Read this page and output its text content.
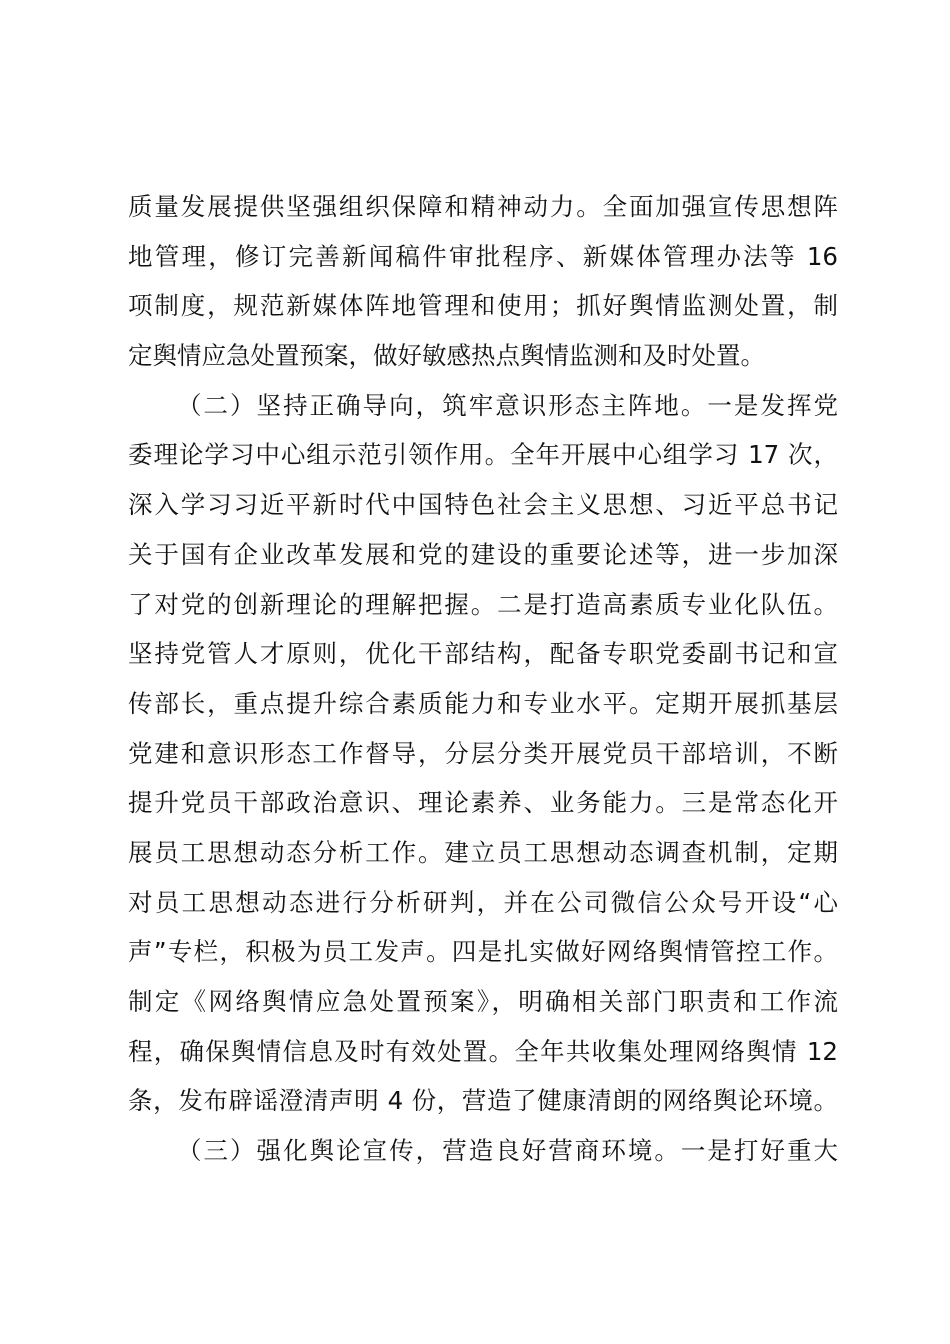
质量发展提供坚强组织保障和精神动力。全面加强宣传思想阵
地管理，修订完善新闻稿件审批程序、新媒体管理办法等 16
项制度，规范新媒体阵地管理和使用；抓好舆情监测处置，制
定舆情应急处置预案，做好敏感热点舆情监测和及时处置。
（二）坚持正确导向，筑牢意识形态主阵地。一是发挥党
委理论学习中心组示范引领作用。全年开展中心组学习 17 次，
深入学习习近平新时代中国特色社会主义思想、习近平总书记
关于国有企业改革发展和党的建设的重要论述等，进一步加深
了对党的创新理论的理解把握。二是打造高素质专业化队伍。
坚持党管人才原则，优化干部结构，配备专职党委副书记和宣
传部长，重点提升综合素质能力和专业水平。定期开展抓基层
党建和意识形态工作督导，分层分类开展党员干部培训，不断
提升党员干部政治意识、理论素养、业务能力。三是常态化开
展员工思想动态分析工作。建立员工思想动态调查机制，定期
对员工思想动态进行分析研判，并在公司微信公众号开设“心
声”专栏，积极为员工发声。四是扎实做好网络舆情管控工作。
制定《网络舆情应急处置预案》，明确相关部门职责和工作流
程，确保舆情信息及时有效处置。全年共收集处理网络舆情 12
条，发布辟谣澄清声明 4 份，营造了健康清朗的网络舆论环境。
（三）强化舆论宣传，营造良好营商环境。一是打好重大
